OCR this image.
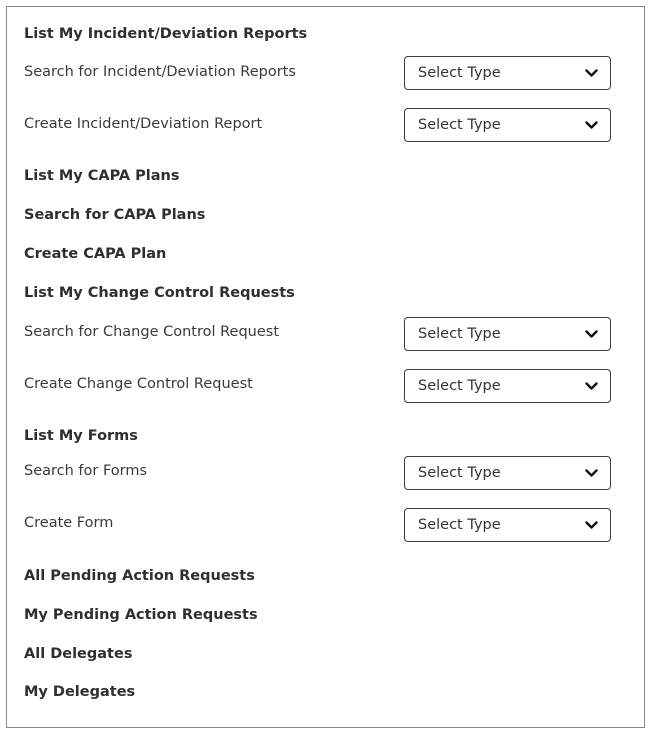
List My Incident/Deviation Reports
Search for Incident/Deviation Reports	Select Type
Create Incident/Deviation Report	Select Type
List My CAPA Plans
Search for CAPA Plans
Create CAPA Plan
List My Change Control Requests
Search for Change Control Request	Select Type
Create Change Control Request	Select Type
List My Forms
Search for Forms	Select Type
Create Form	Select Type
All Pending Action Requests
My Pending Action Requests
All Delegates
My Delegates
